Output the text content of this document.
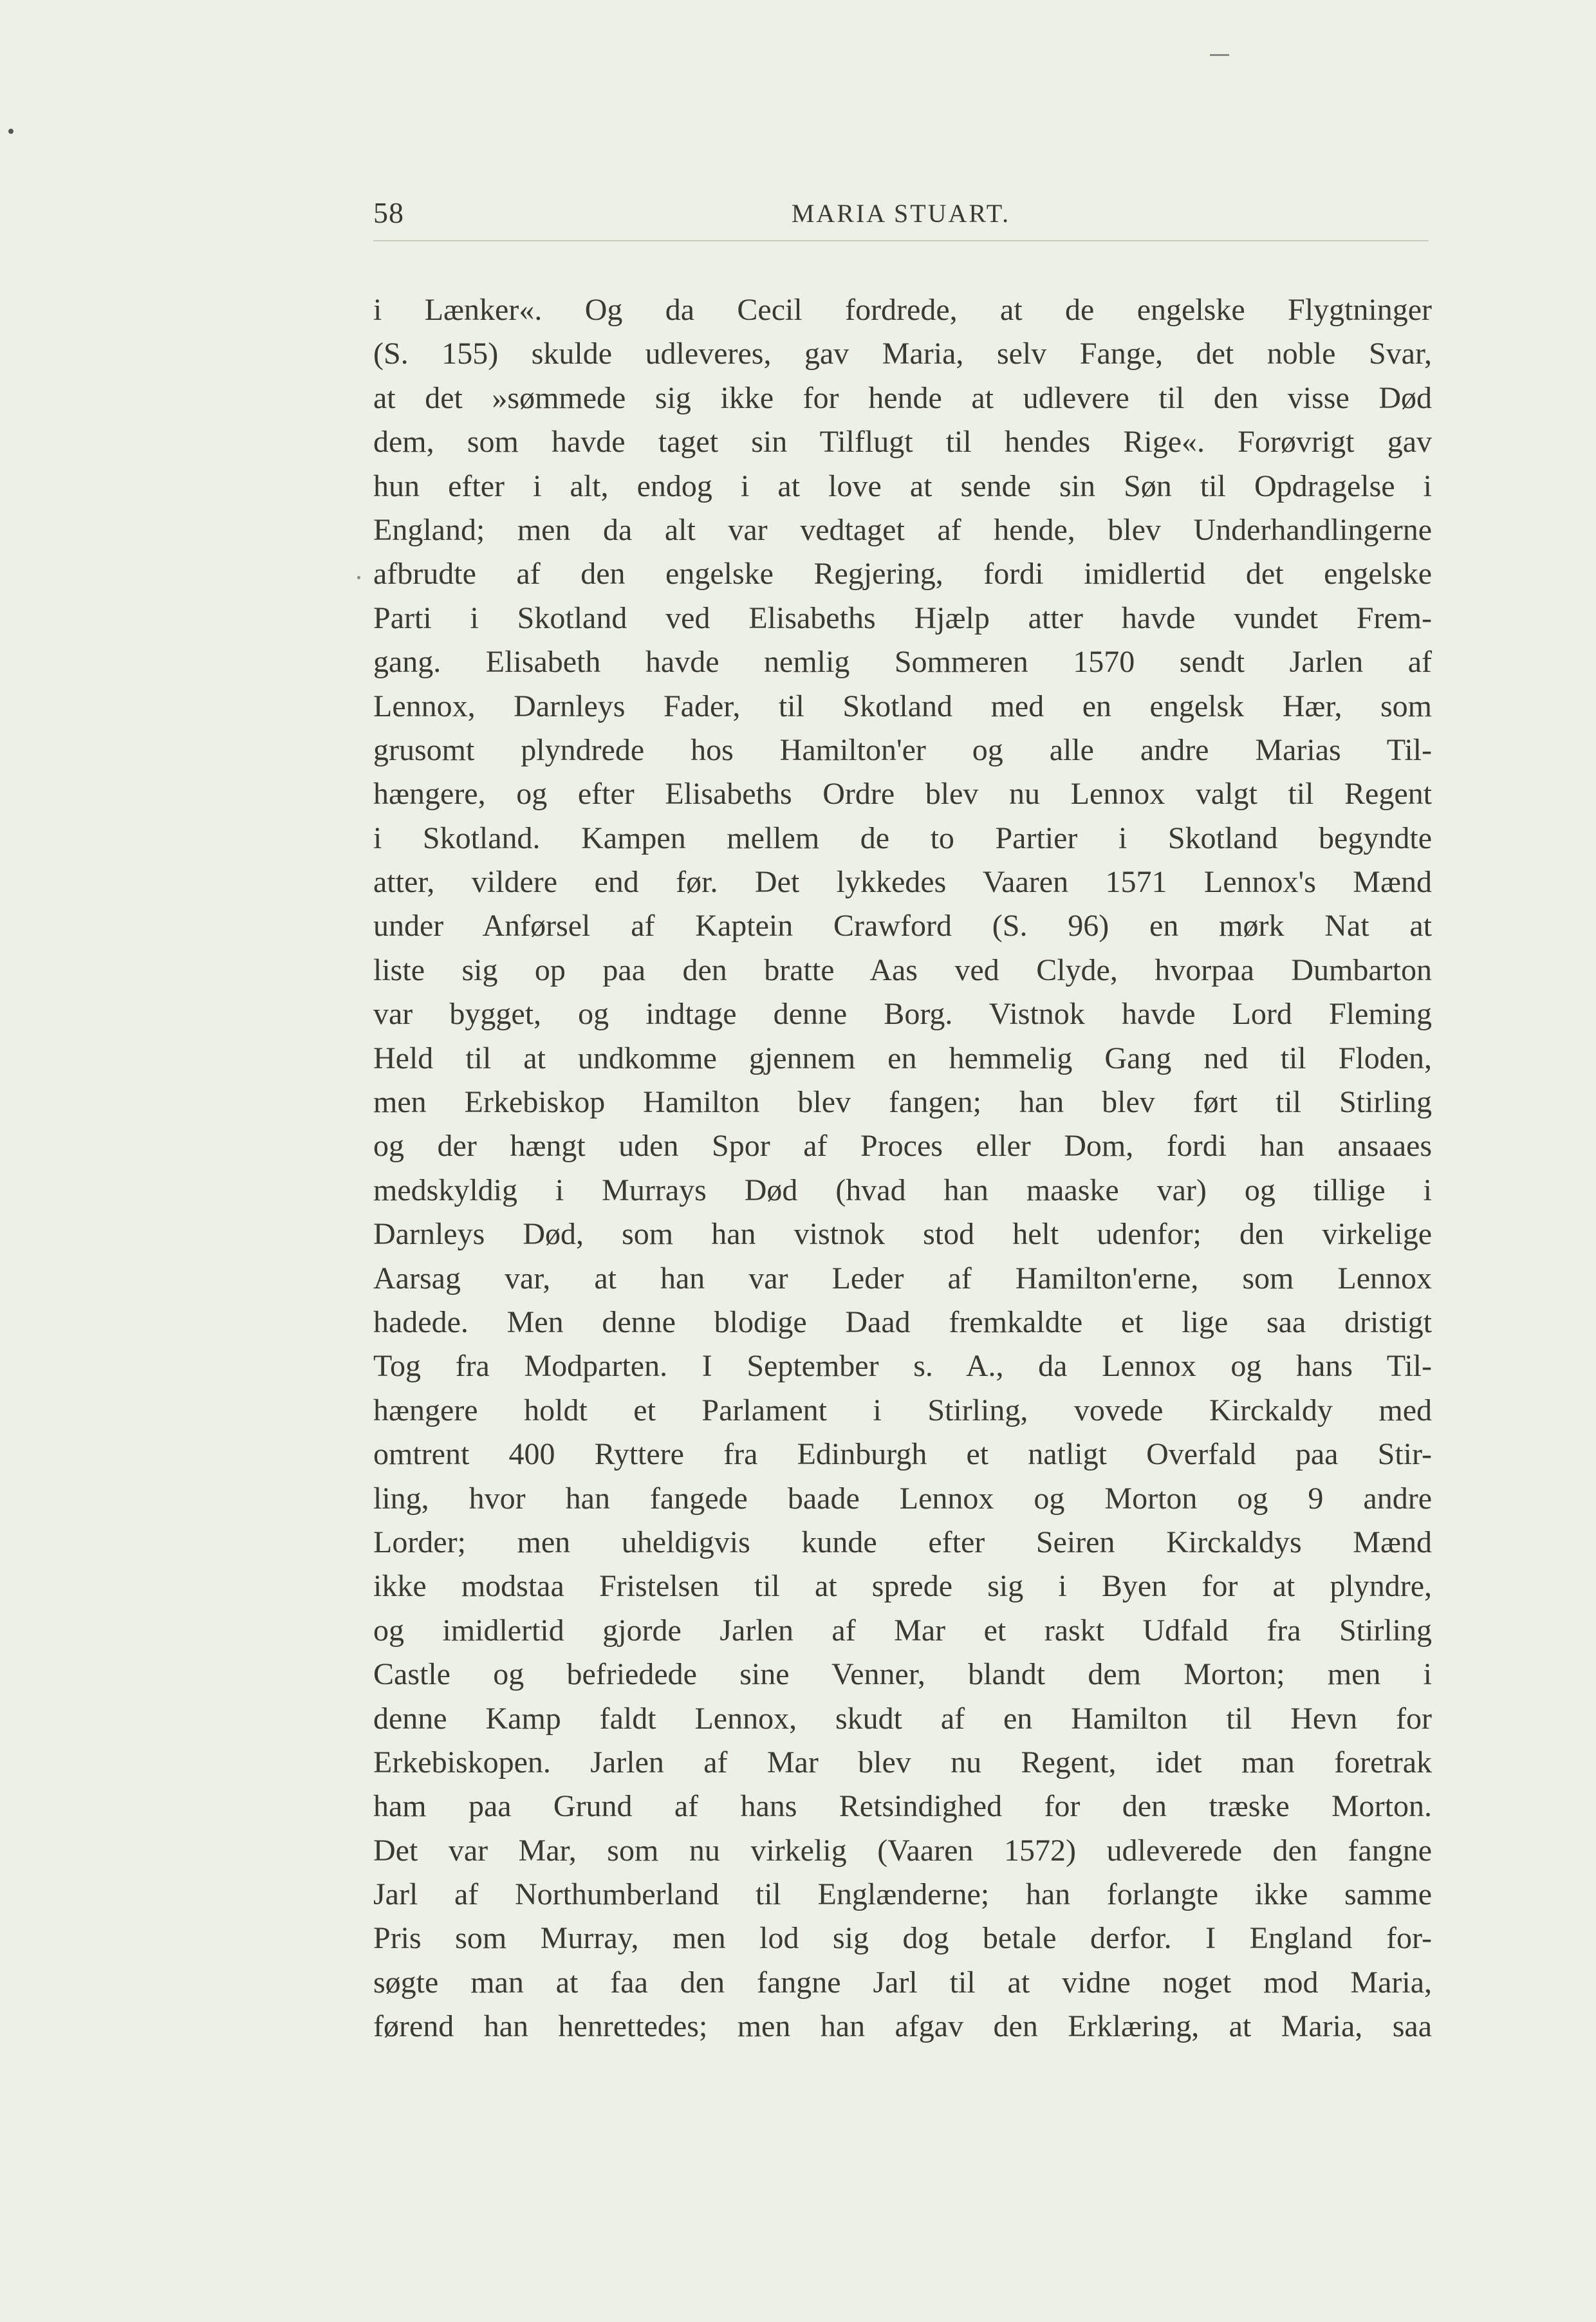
58	MARIA STUART.
i Lænker«. Og da Cecil fordrede, at de engelske Flygtninger
(S. 155) skulde udleveres, gav Maria, selv Fange, det noble Svar,
at det »sømmede sig ikke for hende at udlevere til den visse Død
dem, som havde taget sin Tilflugt til hendes Rige«. Forøvrigt gav
hun efter i alt, endog i at love at sende sin Søn til Opdragelse i
England; men da alt var vedtaget af hende, blev Underhandlingerne
afbrudte af den engelske Regjering, fordi imidlertid det engelske
Parti i Skotland ved Elisabeths Hjælp atter havde vundet Frem-
gang. Elisabeth havde nemlig Sommeren 1570 sendt Jarlen af
Lennox, Darnleys Fader, til Skotland med en engelsk Hær, som
grusomt plyndrede hos Hamilton'er og alle andre Marias Til-
hængere, og efter Elisabeths Ordre blev nu Lennox valgt til Regent
i Skotland. Kampen mellem de to Partier i Skotland begyndte
atter, vildere end før. Det lykkedes Vaaren 1571 Lennox's Mænd
under Anførsel af Kaptein Crawford (S. 96) en mørk Nat at
liste sig op paa den bratte Aas ved Clyde, hvorpaa Dumbarton
var bygget, og indtage denne Borg. Vistnok havde Lord Fleming
Held til at undkomme gjennem en hemmelig Gang ned til Floden,
men Erkebiskop Hamilton blev fangen; han blev ført til Stirling
og der hængt uden Spor af Proces eller Dom, fordi han ansaaes
medskyldig i Murrays Død (hvad han maaske var) og tillige i
Darnleys Død, som han vistnok stod helt udenfor; den virkelige
Aarsag var, at han var Leder af Hamilton'erne, som Lennox
hadede. Men denne blodige Daad fremkaldte et lige saa dristigt
Tog fra Modparten. I September s. A., da Lennox og hans Til-
hængere holdt et Parlament i Stirling, vovede Kirckaldy med
omtrent 400 Ryttere fra Edinburgh et natligt Overfald paa Stir-
ling, hvor han fangede baade Lennox og Morton og 9 andre
Lorder; men uheldigvis kunde efter Seiren Kirckaldys Mænd
ikke modstaa Fristelsen til at sprede sig i Byen for at plyndre,
og imidlertid gjorde Jarlen af Mar et raskt Udfald fra Stirling
Castle og befriedede sine Venner, blandt dem Morton; men i
denne Kamp faldt Lennox, skudt af en Hamilton til Hevn for
Erkebiskopen. Jarlen af Mar blev nu Regent, idet man foretrak
ham paa Grund af hans Retsindighed for den træske Morton.
Det var Mar, som nu virkelig (Vaaren 1572) udleverede den fangne
Jarl af Northumberland til Englænderne; han forlangte ikke samme
Pris som Murray, men lod sig dog betale derfor. I England for-
søgte man at faa den fangne Jarl til at vidne noget mod Maria,
førend han henrettedes; men han afgav den Erklæring, at Maria, saa
